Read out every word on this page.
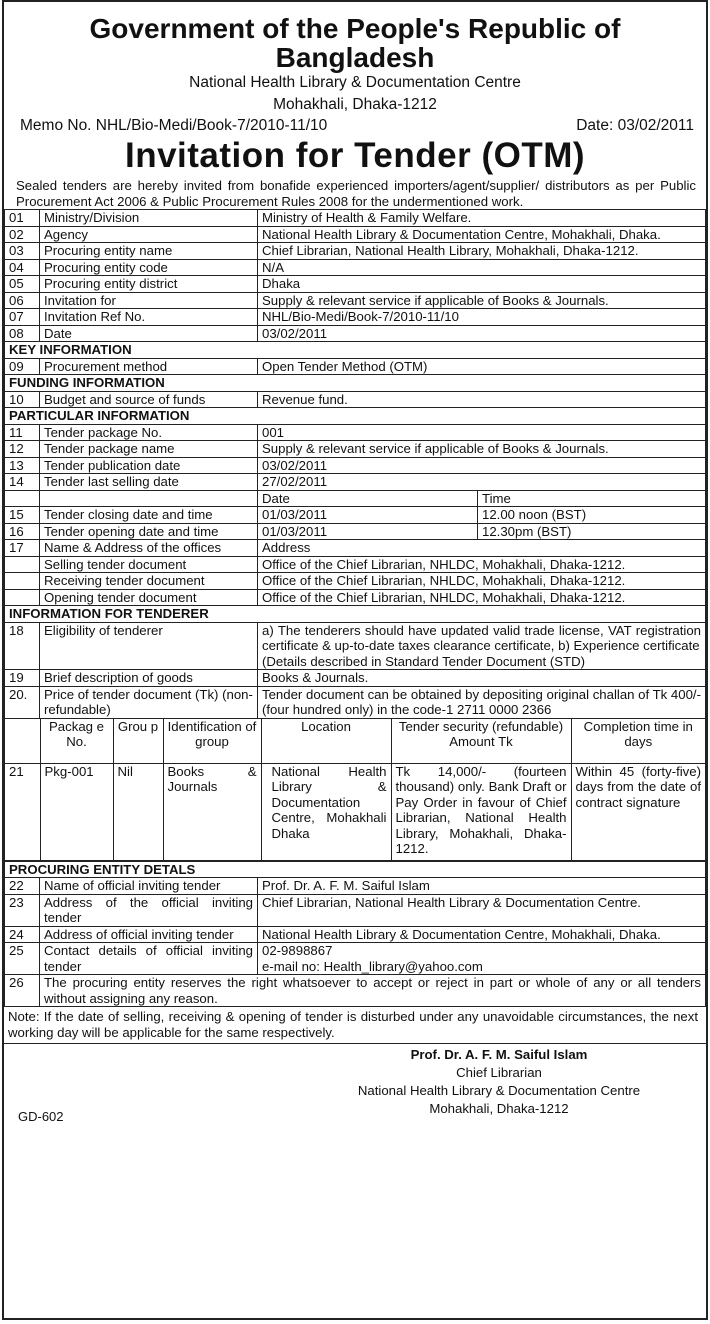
Government of the People's Republic of
Bangladesh
National Health Library & Documentation Centre
Mohakhali, Dhaka-1212
Memo No. NHL/Bio-Medi/Book-7/2010-11/10	Date: 03/02/2011
Invitation for Tender (OTM)
Sealed tenders are hereby invited from bonafide experienced importers/agent/supplier/ distributors as per Public Procurement Act 2006 & Public Procurement Rules 2008 for the undermentioned work.
01	Ministry/Division	Ministry of Health & Family Welfare.
02	Agency	National Health Library & Documentation Centre, Mohakhali, Dhaka.
03	Procuring entity name	Chief Librarian, National Health Library, Mohakhali, Dhaka-1212.
04	Procuring entity code	N/A
05	Procuring entity district	Dhaka
06	Invitation for	Supply & relevant service if applicable of Books & Journals.
07	Invitation Ref No.	NHL/Bio-Medi/Book-7/2010-11/10
08	Date	03/02/2011
KEY INFORMATION
09	Procurement method	Open Tender Method (OTM)
FUNDING INFORMATION
10	Budget and source of funds	Revenue fund.
PARTICULAR INFORMATION
11	Tender package No.	001
12	Tender package name	Supply & relevant service if applicable of Books & Journals.
13	Tender publication date	03/02/2011
14	Tender last selling date	27/02/2011
		Date	Time
15	Tender closing date and time	01/03/2011	12.00 noon (BST)
16	Tender opening date and time	01/03/2011	12.30pm (BST)
17	Name & Address of the offices	Address
	Selling tender document	Office of the Chief Librarian, NHLDC, Mohakhali, Dhaka-1212.
	Receiving tender document	Office of the Chief Librarian, NHLDC, Mohakhali, Dhaka-1212.
	Opening tender document	Office of the Chief Librarian, NHLDC, Mohakhali, Dhaka-1212.
INFORMATION FOR TENDERER
18	Eligibility of tenderer	a) The tenderers should have updated valid trade license, VAT registration certificate & up-to-date taxes clearance certificate, b) Experience certificate
(Details described in Standard Tender Document (STD)
19	Brief description of goods	Books & Journals.
20.	Price of tender document (Tk) (non- refundable)	Tender document can be obtained by depositing original challan of Tk 400/- (four hundred only) in the code-1 2711 0000 2366

	Packag e No.	Grou p	Identification of group	Location	Tender security (refundable) Amount Tk	Completion time in days
21	Pkg-001	Nil	Books & Journals	National Health Library & Documentation Centre, Mohakhali Dhaka	Tk 14,000/- (fourteen thousand) only. Bank Draft or Pay Order in favour of Chief Librarian, National Health Library, Mohakhali, Dhaka-1212.	Within 45 (forty-five) days from the date of contract signature

PROCURING ENTITY DETALS
22	Name of official inviting tender	Prof. Dr. A. F. M. Saiful Islam
23	Address of the official inviting tender	Chief Librarian, National Health Library & Documentation Centre.
24	Address of official inviting tender	National Health Library & Documentation Centre, Mohakhali, Dhaka.
25	Contact details of official inviting tender	02-9898867
e-mail no: Health_library@yahoo.com
26	The procuring entity reserves the right whatsoever to accept or reject in part or whole of any or all tenders without assigning any reason.
Note: If the date of selling, receiving & opening of tender is disturbed under any unavoidable circumstances, the next working day will be applicable for the same respectively.
Prof. Dr. A. F. M. Saiful Islam
Chief Librarian
National Health Library & Documentation Centre
Mohakhali, Dhaka-1212
GD-602
